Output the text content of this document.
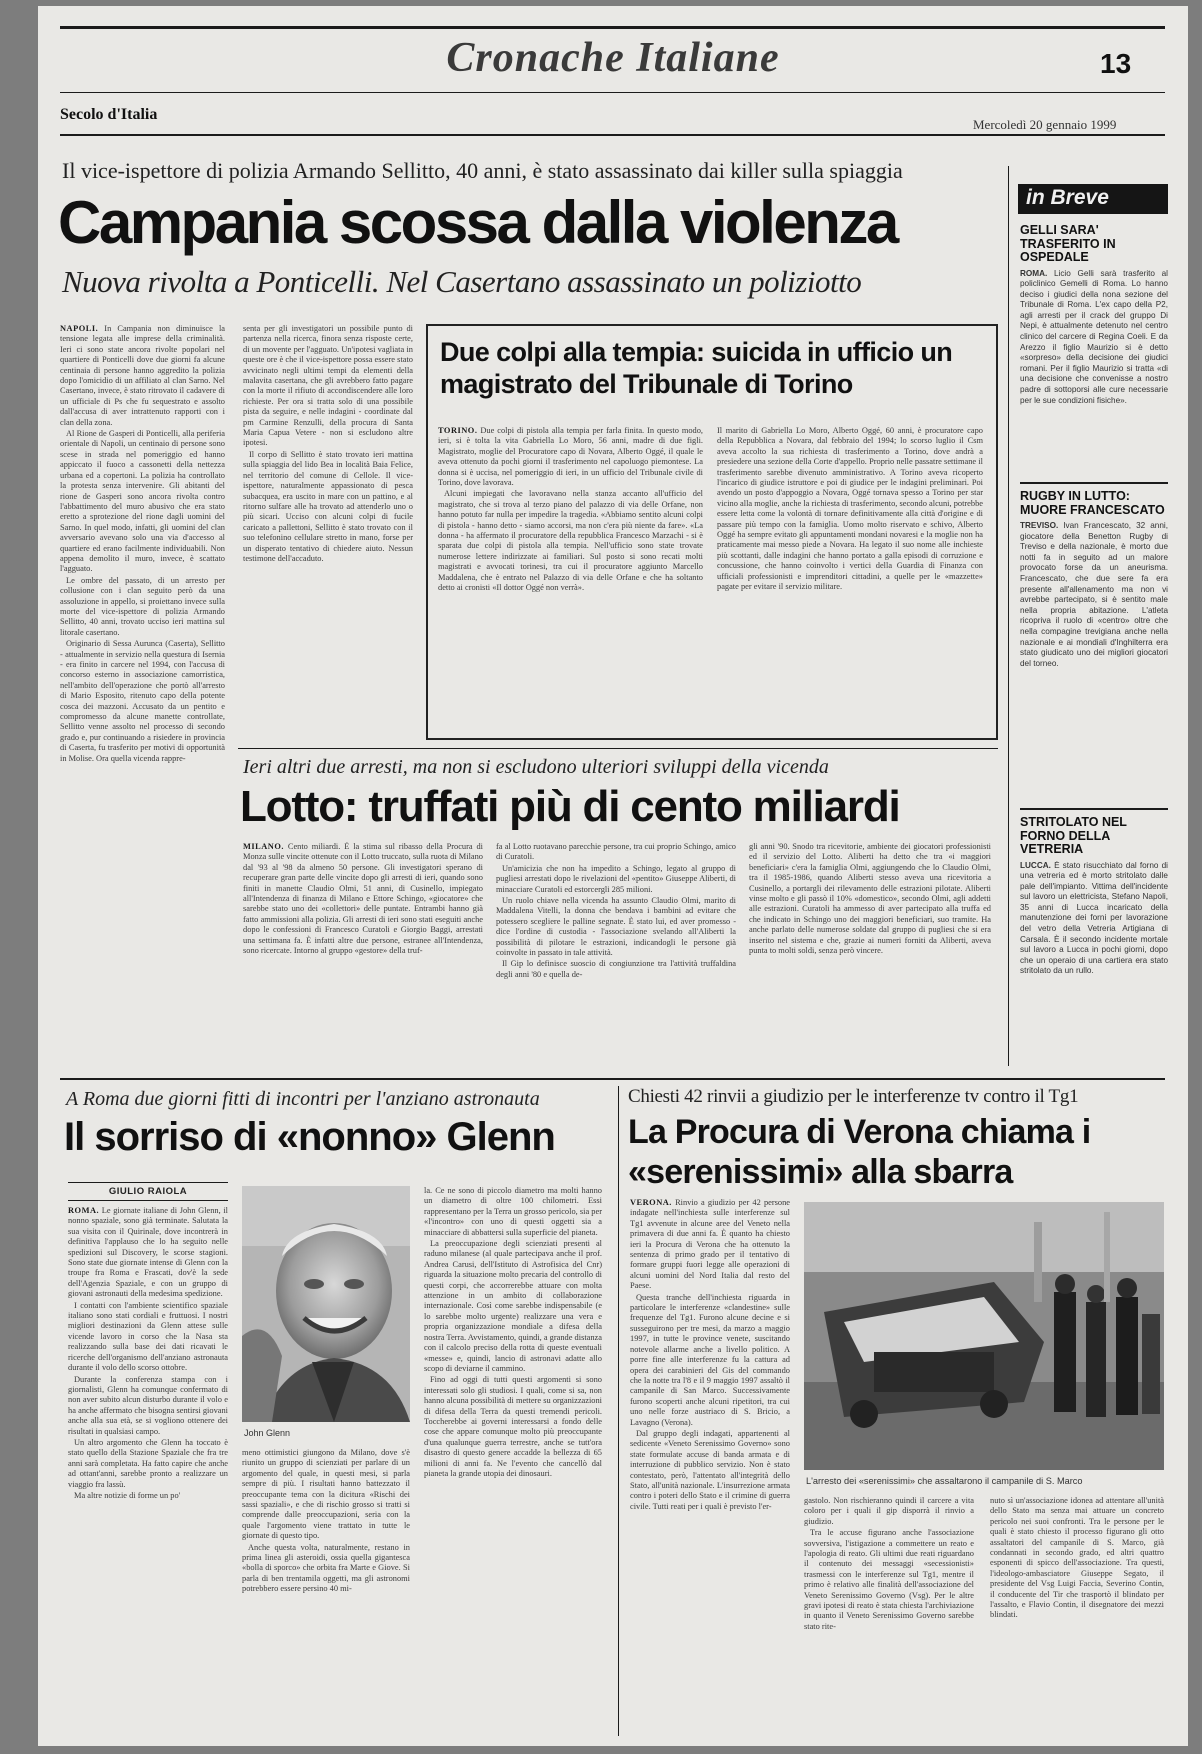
Cronache Italiane	13
Secolo d'Italia
Mercoledì 20 gennaio 1999
Il vice-ispettore di polizia Armando Sellitto, 40 anni, è stato assassinato dai killer sulla spiaggia
Campania scossa dalla violenza
Nuova rivolta a Ponticelli. Nel Casertano assassinato un poliziotto

NAPOLI. In Campania non diminuisce la tensione legata alle imprese della criminalità. Ieri ci sono state ancora rivolte popolari nel quartiere di Ponticelli dove due giorni fa alcune centinaia di persone hanno aggredito la polizia dopo l'omicidio di un affiliato al clan Sarno. Nel Casertano, invece, è stato ritrovato il cadavere di un ufficiale di Ps che fu sequestrato e assolto dall'accusa di aver intrattenuto rapporti con i clan della zona.

Al Rione de Gasperi di Ponticelli, alla periferia orientale di Napoli, un centinaio di persone sono scese in strada nel pomeriggio ed hanno appiccato il fuoco a cassonetti della nettezza urbana ed a copertoni. La polizia ha controllato la protesta senza intervenire. Gli abitanti del rione de Gasperi sono ancora rivolta contro l'abbattimento del muro abusivo che era stato eretto a sprotezione del rione dagli uomini del Sarno. In quel modo, infatti, gli uomini del clan avversario avevano solo una via d'accesso al quartiere ed erano facilmente individuabili. Non appena demolito il muro, invece, è scattato l'agguato.

Le ombre del passato, di un arresto per collusione con i clan seguito però da una assoluzione in appello, si proiettano invece sulla morte del vice-ispettore di polizia Armando Sellitto, 40 anni, trovato ucciso ieri mattina sul litorale casertano.

Originario di Sessa Aurunca (Caserta), Sellitto - attualmente in servizio nella questura di Isernia - era finito in carcere nel 1994, con l'accusa di concorso esterno in associazione camorristica, nell'ambito dell'operazione che portò all'arresto di Mario Esposito, ritenuto capo della potente cosca dei mazzoni. Accusato da un pentito e compromesso da alcune manette controllate, Sellitto venne assolto nel processo di secondo grado e, pur continuando a risiedere in provincia di Caserta, fu trasferito per motivi di opportunità in Molise. Ora quella vicenda rappre-

senta per gli investigatori un possibile punto di partenza nella ricerca, finora senza risposte certe, di un movente per l'agguato. Un'ipotesi vagliata in queste ore è che il vice-ispettore possa essere stato avvicinato negli ultimi tempi da elementi della malavita casertana, che gli avrebbero fatto pagare con la morte il rifiuto di accondiscendere alle loro richieste. Per ora si tratta solo di una possibile pista da seguire, e nelle indagini - coordinate dal pm Carmine Renzulli, della procura di Santa Maria Capua Vetere - non si escludono altre ipotesi.

Il corpo di Sellitto è stato trovato ieri mattina sulla spiaggia del lido Bea in località Baia Felice, nel territorio del comune di Cellole. Il vice-ispettore, naturalmente appassionato di pesca subacquea, era uscito in mare con un pattino, e al ritorno sulfare alle ha trovato ad attenderlo uno o più sicari. Ucciso con alcuni colpi di fucile caricato a pallettoni, Sellitto è stato trovato con il suo telefonino cellulare stretto in mano, forse per un disperato tentativo di chiedere aiuto. Nessun testimone dell'accaduto.

Due colpi alla tempia: suicida in ufficio un magistrato del Tribunale di Torino

TORINO. Due colpi di pistola alla tempia per farla finita. In questo modo, ieri, si è tolta la vita Gabriella Lo Moro, 56 anni, madre di due figli. Magistrato, moglie del Procuratore capo di Novara, Alberto Oggé, il quale le aveva ottenuto da pochi giorni il trasferimento nel capoluogo piemontese. La donna si è uccisa, nel pomeriggio di ieri, in un ufficio del Tribunale civile di Torino, dove lavorava.

Alcuni impiegati che lavoravano nella stanza accanto all'ufficio del magistrato, che si trova al terzo piano del palazzo di via delle Orfane, non hanno potuto far nulla per impedire la tragedia. «Abbiamo sentito alcuni colpi di pistola - hanno detto - siamo accorsi, ma non c'era più niente da fare». «La donna - ha affermato il procuratore della repubblica Francesco Marzachi - si è sparata due colpi di pistola alla tempia. Nell'ufficio sono state trovate numerose lettere indirizzate ai familiari. Sul posto si sono recati molti magistrati e avvocati torinesi, tra cui il procuratore aggiunto Marcello Maddalena, che è entrato nel Palazzo di via delle Orfane e che ha soltanto detto ai cronisti «Il dottor Oggé non verrà».

Il marito di Gabriella Lo Moro, Alberto Oggé, 60 anni, è procuratore capo della Repubblica a Novara, dal febbraio del 1994; lo scorso luglio il Csm aveva accolto la sua richiesta di trasferimento a Torino, dove andrà a presiedere una sezione della Corte d'appello. Proprio nelle passatre settimane il trasferimento sarebbe divenuto amministrativo. A Torino aveva ricoperto l'incarico di giudice istruttore e poi di giudice per le indagini preliminari. Poi avendo un posto d'appoggio a Novara, Oggé tornava spesso a Torino per star vicino alla moglie, anche la richiesta di trasferimento, secondo alcuni, potrebbe essere letta come la volontà di tornare definitivamente alla città d'origine e di passare più tempo con la famiglia. Uomo molto riservato e schivo, Alberto Oggé ha sempre evitato gli appuntamenti mondani novaresi e la moglie non ha praticamente mai messo piede a Novara. Ha legato il suo nome alle inchieste più scottanti, dalle indagini che hanno portato a galla episodi di corruzione e concussione, che hanno coinvolto i vertici della Guardia di Finanza con ufficiali professionisti e imprenditori cittadini, a quelle per le «mazzette» pagate per evitare il servizio militare.

Ieri altri due arresti, ma non si escludono ulteriori sviluppi della vicenda
Lotto: truffati più di cento miliardi

MILANO. Cento miliardi. È la stima sul ribasso della Procura di Monza sulle vincite ottenute con il Lotto truccato, sulla ruota di Milano dal '93 al '98 da almeno 50 persone. Gli investigatori sperano di recuperare gran parte delle vincite dopo gli arresti di ieri, quando sono finiti in manette Claudio Olmi, 51 anni, di Cusinello, impiegato all'Intendenza di finanza di Milano e Ettore Schingo, «giocatore» che sarebbe stato uno dei «collettori» delle puntate. Entrambi hanno già fatto ammissioni alla polizia. Gli arresti di ieri sono stati eseguiti anche dopo le confessioni di Francesco Curatoli e Giorgio Baggi, arrestati una settimana fa. È infatti altre due persone, estranee all'Intendenza, sono ricercate. Intorno al gruppo «gestore» della truf-

fa al Lotto ruotavano parecchie persone, tra cui proprio Schingo, amico di Curatoli.

Un'amicizia che non ha impedito a Schingo, legato al gruppo di pugliesi arrestati dopo le rivelazioni del «pentito» Giuseppe Aliberti, di minacciare Curatoli ed estorcergli 285 milioni.

Un ruolo chiave nella vicenda ha assunto Claudio Olmi, marito di Maddalena Vitelli, la donna che bendava i bambini ad evitare che potessero scegliere le palline segnate. È stato lui, ed aver promesso - dice l'ordine di custodia - l'associazione svelando all'Aliberti la possibilità di pilotare le estrazioni, indicandogli le persone già coinvolte in passato in tale attività.

Il Gip lo definisce suoscio di congiunzione tra l'attività truffaldina degli anni '80 e quella de-

gli anni '90. Snodo tra ricevitorie, ambiente dei giocatori professionisti ed il servizio del Lotto. Aliberti ha detto che tra «i maggiori beneficiari» c'era la famiglia Olmi, aggiungendo che lo Claudio Olmi, tra il 1985-1986, quando Aliberti stesso aveva una ricevitoria a Cusinello, a portargli dei rilevamento delle estrazioni pilotate. Aliberti vinse molto e gli passò il 10% «domestico», secondo Olmi, agli addetti alle estrazioni. Curatoli ha ammesso di aver partecipato alla truffa ed che indicato in Schingo uno dei maggiori beneficiari, suo tramite. Ha anche parlato delle numerose soldate dal gruppo di pugliesi che si era inserito nel sistema e che, grazie ai numeri forniti da Aliberti, aveva punta to molti soldi, senza però vincere.

in Breve
GELLI SARA' TRASFERITO IN OSPEDALE
ROMA. Licio Gelli sarà trasferito al policlinico Gemelli di Roma. Lo hanno deciso i giudici della nona sezione del Tribunale di Roma. L'ex capo della P2, agli arresti per il crack del gruppo Di Nepi, è attualmente detenuto nel centro clinico del carcere di Regina Coeli. E da Arezzo il figlio Maurizio si è detto «sorpreso» della decisione dei giudici romani. Per il figlio Maurizio si tratta «di una decisione che convenisse a nostro padre di sottoporsi alle cure necessarie per le sue condizioni fisiche».
RUGBY IN LUTTO: MUORE FRANCESCATO
TREVISO. Ivan Francescato, 32 anni, giocatore della Benetton Rugby di Treviso e della nazionale, è morto due notti fa in seguito ad un malore provocato forse da un aneurisma. Francescato, che due sere fa era presente all'allenamento ma non vi avrebbe partecipato, si è sentito male nella propria abitazione. L'atleta ricopriva il ruolo di «centro» oltre che nella compagine trevigiana anche nella nazionale e ai mondiali d'Inghilterra era stato giudicato uno dei migliori giocatori del torneo.
STRITOLATO NEL FORNO DELLA VETRERIA
LUCCA. È stato risucchiato dal forno di una vetreria ed è morto stritolato dalle pale dell'impianto. Vittima dell'incidente sul lavoro un elettricista, Stefano Napoli, 35 anni di Lucca incaricato della manutenzione dei forni per lavorazione del vetro della Vetreria Artigiana di Carsala. È il secondo incidente mortale sul lavoro a Lucca in pochi giorni, dopo che un operaio di una cartiera era stato stritolato da un rullo.
A Roma due giorni fitti di incontri per l'anziano astronauta
Il sorriso di «nonno» Glenn
GIULIO RAIOLA

ROMA. Le giornate italiane di John Glenn, il nonno spaziale, sono già terminate. Salutata la sua visita con il Quirinale, dove incontrerà in definitiva l'applauso che lo ha seguito nelle spedizioni sul Discovery, le scorse stagioni. Sono state due giornate intense di Glenn con la troupe fra Roma e Frascati, dov'è la sede dell'Agenzia Spaziale, e con un gruppo di giovani astronauti della medesima spedizione.

I contatti con l'ambiente scientifico spaziale italiano sono stati cordiali e fruttuosi. I nostri migliori destinazioni da Glenn attese sulle vicende lavoro in corso che la Nasa sta realizzando sulla base dei dati ricavati le ricerche dell'organismo dell'anziano astronauta durante il volo dello scorso ottobre.

Durante la conferenza stampa con i giornalisti, Glenn ha comunque confermato di non aver subito alcun disturbo durante il volo e ha anche affermato che bisogna sentirsi giovani anche alla sua età, se si vogliono ottenere dei risultati in qualsiasi campo.

Un altro argomento che Glenn ha toccato è stato quello della Stazione Spaziale che fra tre anni sarà completata. Ha fatto capire che anche ad ottant'anni, sarebbe pronto a realizzare un viaggio fra lassù.

Ma altre notizie di forme un po'

John Glenn

meno ottimistici giungono da Milano, dove s'è riunito un gruppo di scienziati per parlare di un argomento del quale, in questi mesi, si parla sempre di più. I risultati hanno battezzato il preoccupante tema con la dicitura «Rischi dei sassi spaziali», e che di rischio grosso si tratti si comprende dalle preoccupazioni, seria con la quale l'argomento viene trattato in tutte le giornate di questo tipo.

Anche questa volta, naturalmente, restano in prima linea gli asteroidi, ossia quella gigantesca «bolla di sporco» che orbita fra Marte e Giove. Si parla di ben trentamila oggetti, ma gli astronomi potrebbero essere persino 40 mi-

la. Ce ne sono di piccolo diametro ma molti hanno un diametro di oltre 100 chilometri. Essi rappresentano per la Terra un grosso pericolo, sia per «l'incontro» con uno di questi oggetti sia a minacciare di abbattersi sulla superficie del pianeta.

La preoccupazione degli scienziati presenti al raduno milanese (al quale partecipava anche il prof. Andrea Carusi, dell'Istituto di Astrofisica del Cnr) riguarda la situazione molto precaria del controllo di questi corpi, che accorrerebbe attuare con molta attenzione in un ambito di collaborazione internazionale. Così come sarebbe indispensabile (e lo sarebbe molto urgente) realizzare una vera e propria organizzazione mondiale a difesa della nostra Terra. Avvistamento, quindi, a grande distanza con il calcolo preciso della rotta di queste eventuali «messe» e, quindi, lancio di astronavi adatte allo scopo di deviarne il cammino.

Fino ad oggi di tutti questi argomenti si sono interessati solo gli studiosi. I quali, come si sa, non hanno alcuna possibilità di mettere su organizzazioni di difesa della Terra da questi tremendi pericoli. Toccherebbe ai governi interessarsi a fondo delle cose che appare comunque molto più preoccupante d'una qualunque guerra terrestre, anche se tutt'ora disastro di questo genere accadde la bellezza di 65 milioni di anni fa. Ne l'evento che cancellò dal pianeta la grande utopia dei dinosauri.

Chiesti 42 rinvii a giudizio per le interferenze tv contro il Tg1
La Procura di Verona chiama i «serenissimi» alla sbarra

VERONA. Rinvio a giudizio per 42 persone indagate nell'inchiesta sulle interferenze sul Tg1 avvenute in alcune aree del Veneto nella primavera di due anni fa. È quanto ha chiesto ieri la Procura di Verona che ha ottenuto la sentenza di primo grado per il tentativo di formare gruppi fuori legge alle operazioni di alcuni uomini del Nord Italia dal resto del Paese.

Questa tranche dell'inchiesta riguarda in particolare le interferenze «clandestine» sulle frequenze del Tg1. Furono alcune decine e si susseguirono per tre mesi, da marzo a maggio 1997, in tutte le province venete, suscitando notevole allarme anche a livello politico. A porre fine alle interferenze fu la cattura ad opera dei carabinieri del Gis del commando che la notte tra l'8 e il 9 maggio 1997 assaltò il campanile di San Marco. Successivamente furono scoperti anche alcuni ripetitori, tra cui uno nelle forze austriaco di S. Bricio, a Lavagno (Verona).

Dal gruppo degli indagati, appartenenti al sedicente «Veneto Serenissimo Governo» sono state formulate accuse di banda armata e di interruzione di pubblico servizio. Non è stato contestato, però, l'attentato all'integrità dello Stato, all'unità nazionale. L'insurrezione armata contro i poteri dello Stato e il crimine di guerra civile. Tutti reati per i quali è previsto l'er-

L'arresto dei «serenissimi» che assaltarono il campanile di S. Marco

gastolo. Non rischieranno quindi il carcere a vita coloro per i quali il gip disporrà il rinvio a giudizio.

Tra le accuse figurano anche l'associazione sovversiva, l'istigazione a commettere un reato e l'apologia di reato. Gli ultimi due reati riguardano il contenuto dei messaggi «secessionisti» trasmessi con le interferenze sul Tg1, mentre il primo è relativo alle finalità dell'associazione del Veneto Serenissimo Governo (Vsg). Per le altre gravi ipotesi di reato è stata chiesta l'archiviazione in quanto il Veneto Serenissimo Governo sarebbe stato rite-

nuto sì un'associazione idonea ad attentare all'unità dello Stato ma senza mai attuare un concreto pericolo nei suoi confronti. Tra le persone per le quali è stato chiesto il processo figurano gli otto assaltatori del campanile di S. Marco, già condannati in secondo grado, ed altri quattro esponenti di spicco dell'associazione. Tra questi, l'ideologo-ambasciatore Giuseppe Segato, il presidente del Vsg Luigi Faccia, Severino Contin, il conducente del Tir che trasportò il blindato per l'assalto, e Flavio Contin, il disegnatore dei mezzi blindati.
